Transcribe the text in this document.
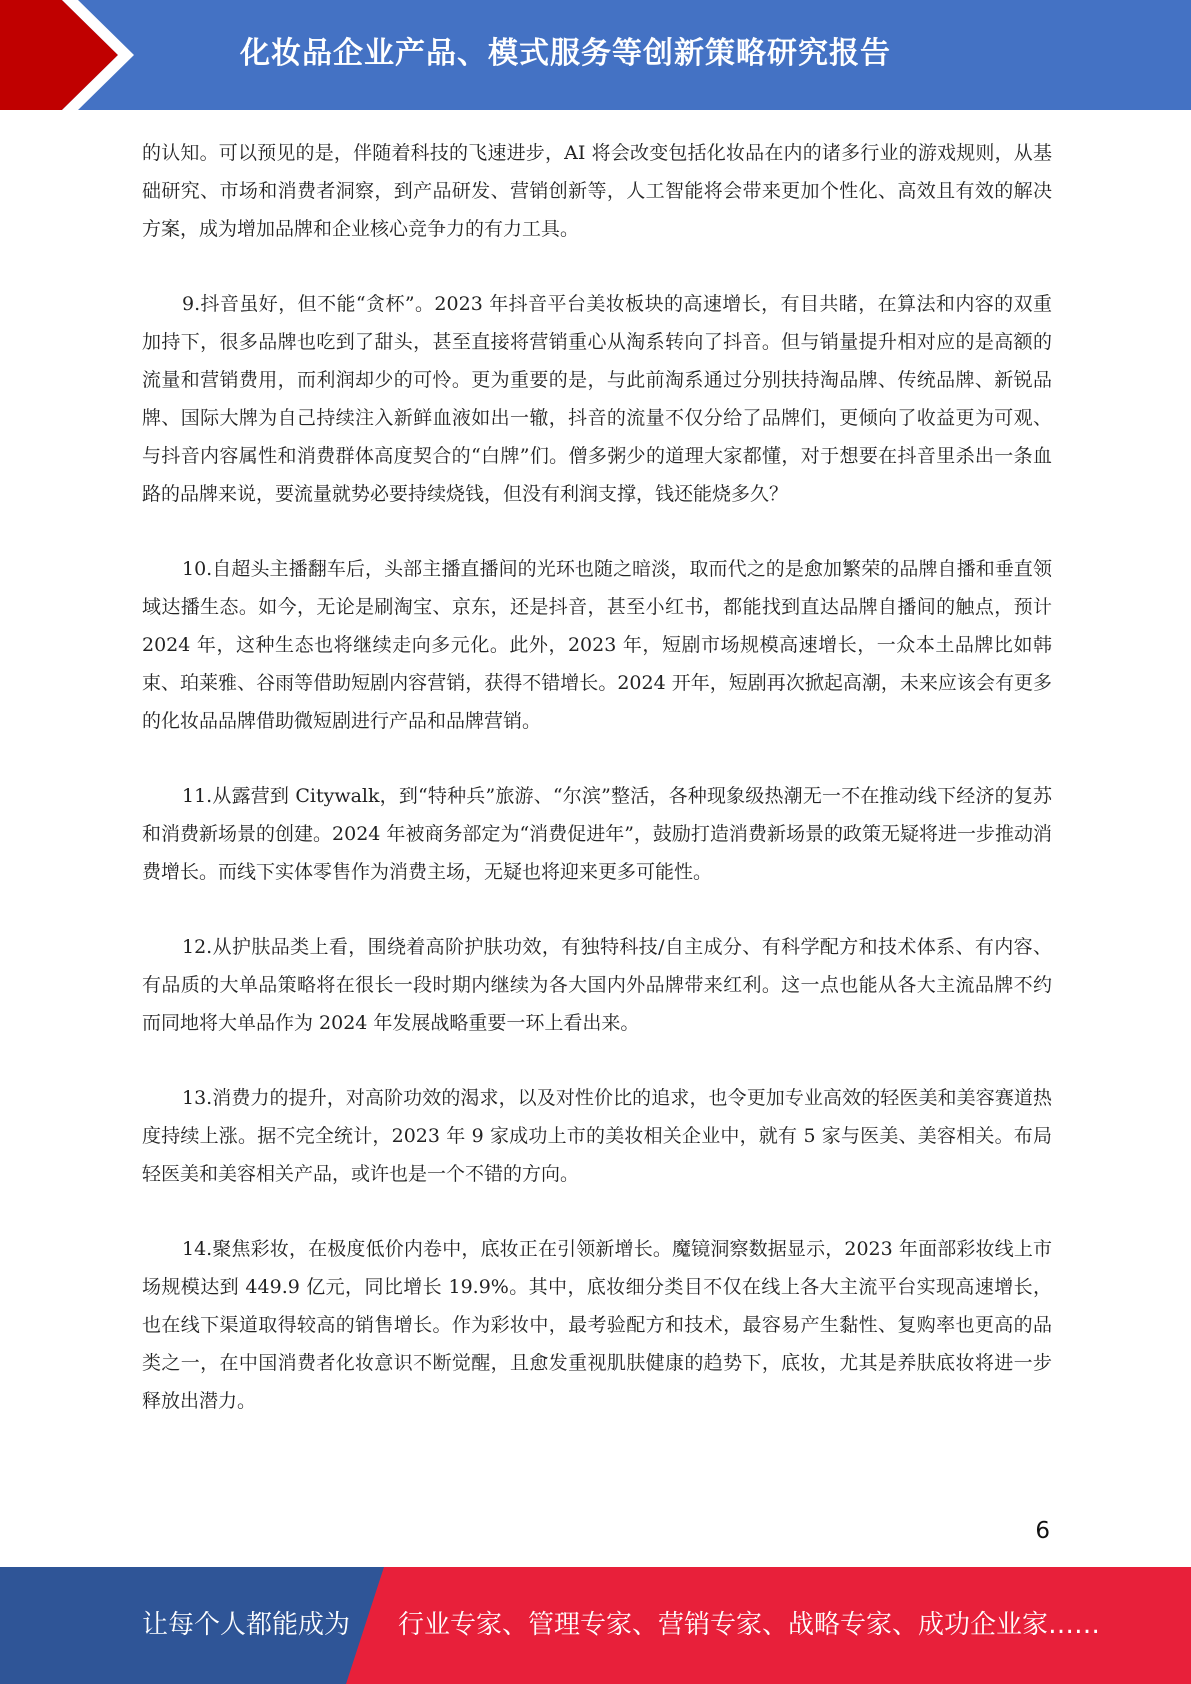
化妆品企业产品、模式服务等创新策略研究报告

的认知。可以预见的是，伴随着科技的飞速进步，AI 将会改变包括化妆品在内的诸多行业的游戏规则，从基础研究、市场和消费者洞察，到产品研发、营销创新等，人工智能将会带来更加个性化、高效且有效的解决方案，成为增加品牌和企业核心竞争力的有力工具。

9.抖音虽好，但不能“贪杯”。2023 年抖音平台美妆板块的高速增长，有目共睹，在算法和内容的双重加持下，很多品牌也吃到了甜头，甚至直接将营销重心从淘系转向了抖音。但与销量提升相对应的是高额的流量和营销费用，而利润却少的可怜。更为重要的是，与此前淘系通过分别扶持淘品牌、传统品牌、新锐品牌、国际大牌为自己持续注入新鲜血液如出一辙，抖音的流量不仅分给了品牌们，更倾向了收益更为可观、与抖音内容属性和消费群体高度契合的“白牌”们。僧多粥少的道理大家都懂，对于想要在抖音里杀出一条血路的品牌来说，要流量就势必要持续烧钱，但没有利润支撑，钱还能烧多久？

10.自超头主播翻车后，头部主播直播间的光环也随之暗淡，取而代之的是愈加繁荣的品牌自播和垂直领域达播生态。如今，无论是刷淘宝、京东，还是抖音，甚至小红书，都能找到直达品牌自播间的触点，预计 2024 年，这种生态也将继续走向多元化。此外，2023 年，短剧市场规模高速增长，一众本土品牌比如韩束、珀莱雅、谷雨等借助短剧内容营销，获得不错增长。2024 开年，短剧再次掀起高潮，未来应该会有更多的化妆品品牌借助微短剧进行产品和品牌营销。

11.从露营到 Citywalk，到“特种兵”旅游、“尔滨”整活，各种现象级热潮无一不在推动线下经济的复苏和消费新场景的创建。2024 年被商务部定为“消费促进年”，鼓励打造消费新场景的政策无疑将进一步推动消费增长。而线下实体零售作为消费主场，无疑也将迎来更多可能性。

12.从护肤品类上看，围绕着高阶护肤功效，有独特科技/自主成分、有科学配方和技术体系、有内容、有品质的大单品策略将在很长一段时期内继续为各大国内外品牌带来红利。这一点也能从各大主流品牌不约而同地将大单品作为 2024 年发展战略重要一环上看出来。

13.消费力的提升，对高阶功效的渴求，以及对性价比的追求，也令更加专业高效的轻医美和美容赛道热度持续上涨。据不完全统计，2023 年 9 家成功上市的美妆相关企业中，就有 5 家与医美、美容相关。布局轻医美和美容相关产品，或许也是一个不错的方向。

14.聚焦彩妆，在极度低价内卷中，底妆正在引领新增长。魔镜洞察数据显示，2023 年面部彩妆线上市场规模达到 449.9 亿元，同比增长 19.9%。其中，底妆细分类目不仅在线上各大主流平台实现高速增长，也在线下渠道取得较高的销售增长。作为彩妆中，最考验配方和技术，最容易产生黏性、复购率也更高的品类之一，在中国消费者化妆意识不断觉醒，且愈发重视肌肤健康的趋势下，底妆，尤其是养肤底妆将进一步释放出潜力。

6
让每个人都能成为 行业专家、管理专家、营销专家、战略专家、成功企业家……
